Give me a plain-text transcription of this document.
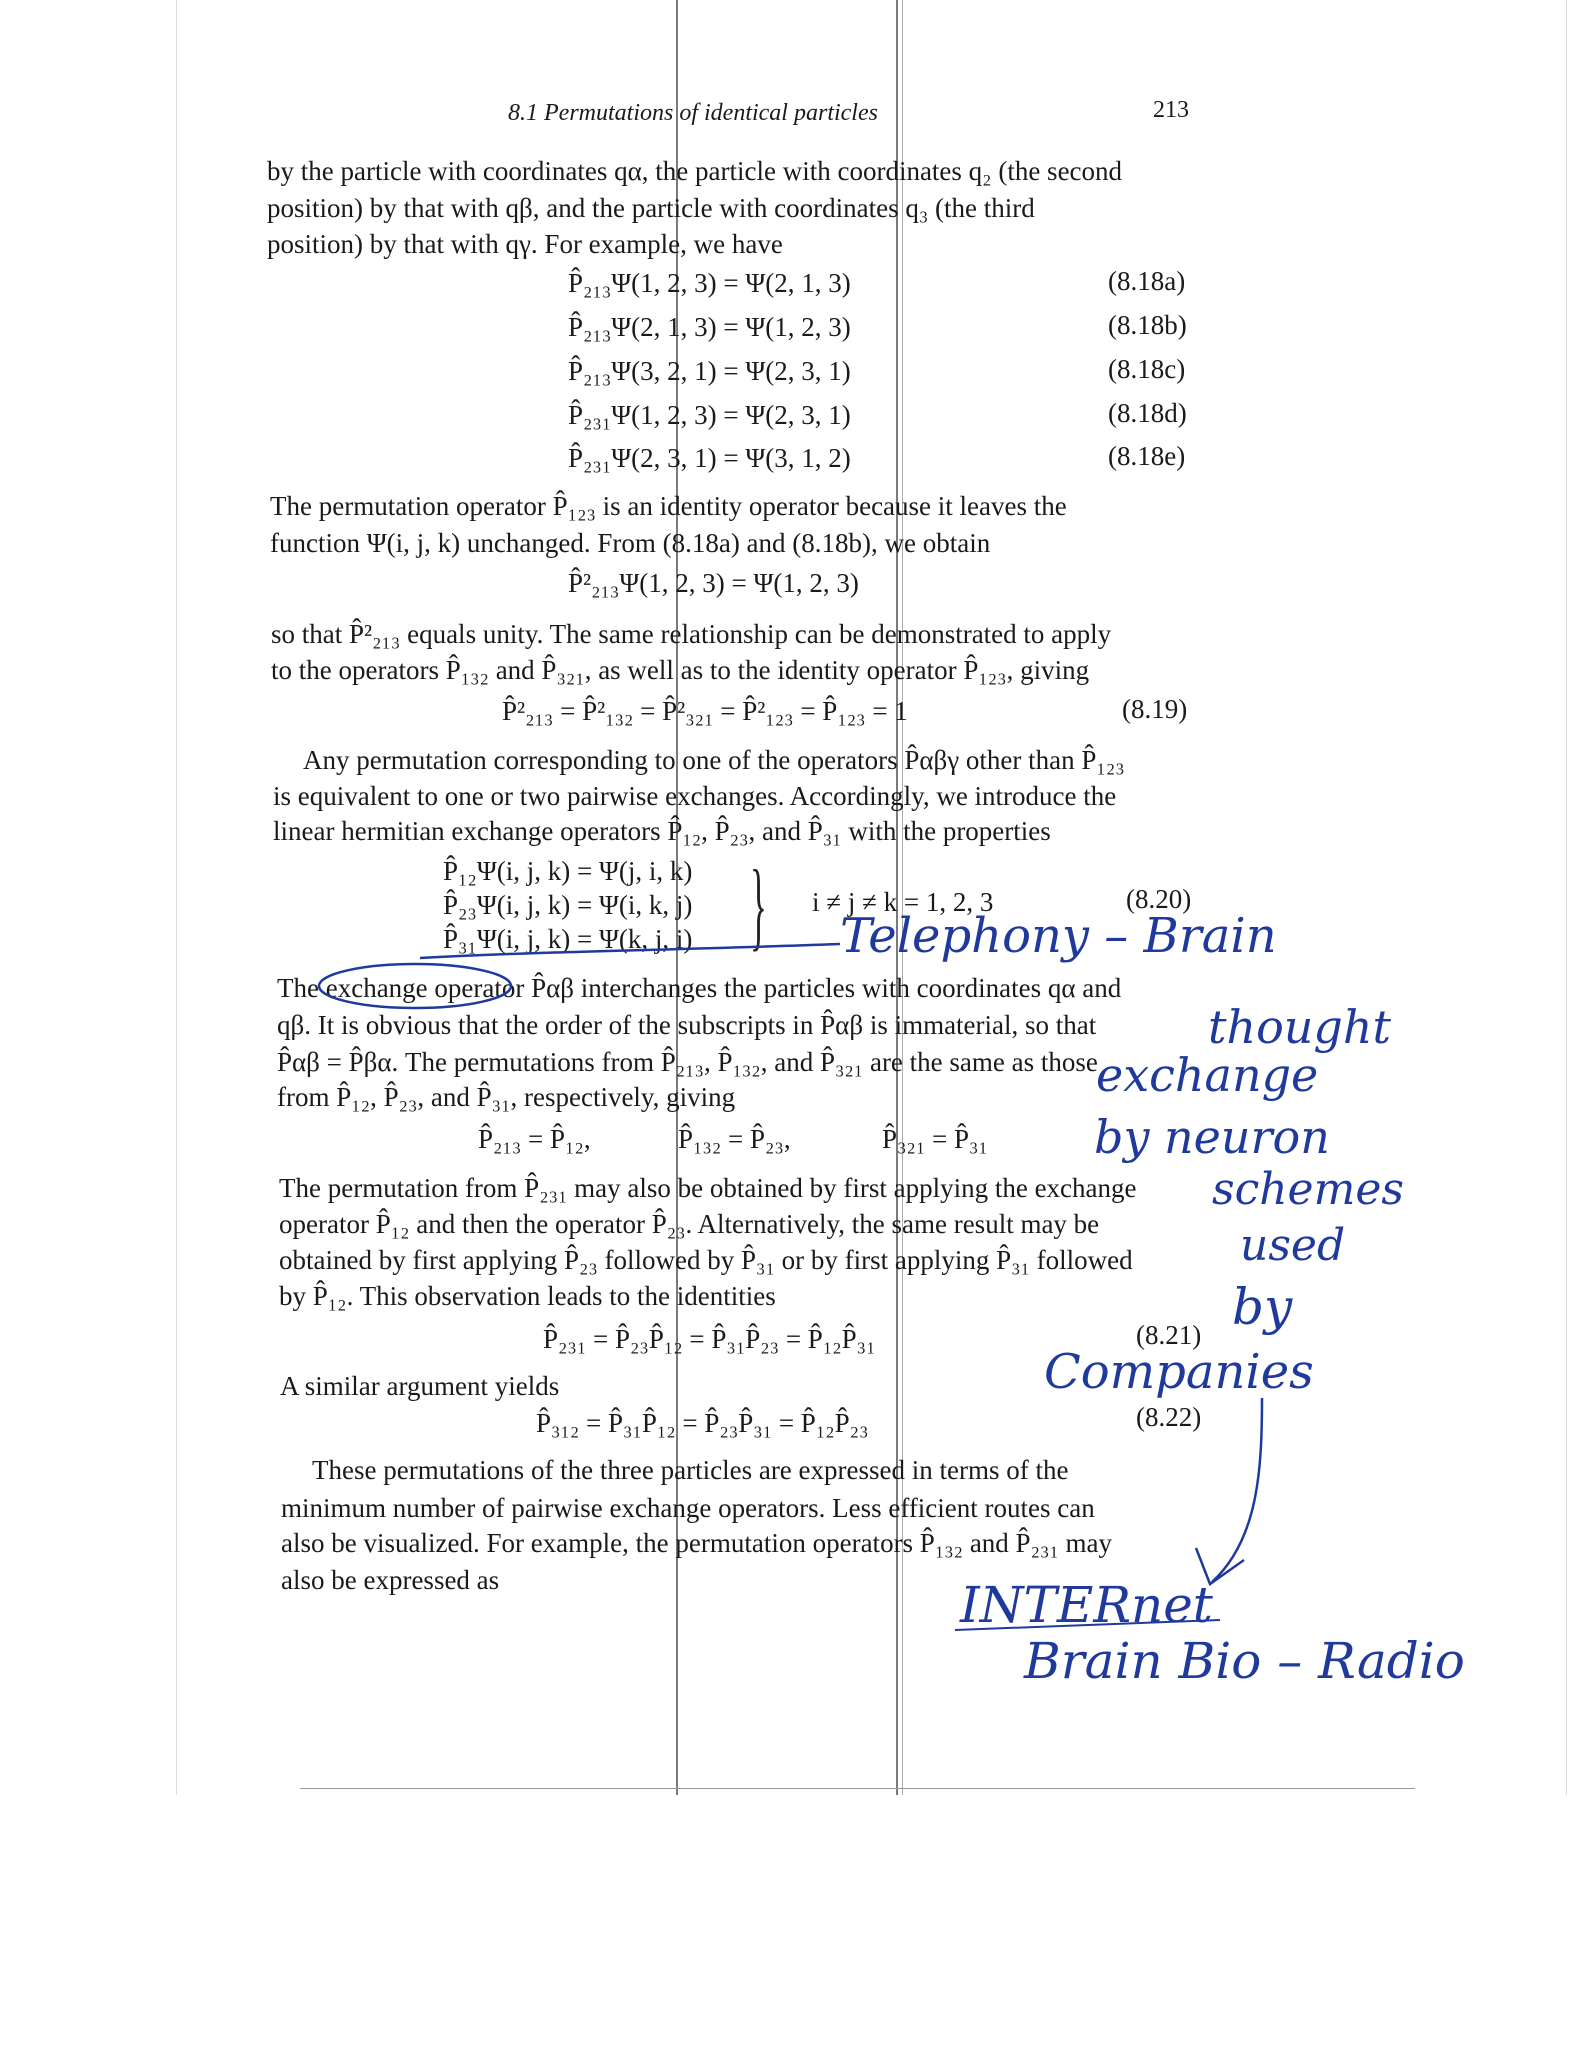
8.1 Permutations of identical particles	213
by the particle with coordinates qα, the particle with coordinates q₂ (the second
position) by that with qβ, and the particle with coordinates q₃ (the third
position) by that with qγ. For example, we have
P̂₂₁₃Ψ(1, 2, 3) = Ψ(2, 1, 3)	(8.18a)
P̂₂₁₃Ψ(2, 1, 3) = Ψ(1, 2, 3)	(8.18b)
P̂₂₁₃Ψ(3, 2, 1) = Ψ(2, 3, 1)	(8.18c)
P̂₂₃₁Ψ(1, 2, 3) = Ψ(2, 3, 1)	(8.18d)
P̂₂₃₁Ψ(2, 3, 1) = Ψ(3, 1, 2)	(8.18e)
The permutation operator P̂₁₂₃ is an identity operator because it leaves the
function Ψ(i, j, k) unchanged. From (8.18a) and (8.18b), we obtain
P̂²₂₁₃Ψ(1, 2, 3) = Ψ(1, 2, 3)
so that P̂²₂₁₃ equals unity. The same relationship can be demonstrated to apply
to the operators P̂₁₃₂ and P̂₃₂₁, as well as to the identity operator P̂₁₂₃, giving
P̂²₂₁₃ = P̂²₁₃₂ = P̂²₃₂₁ = P̂²₁₂₃ = P̂₁₂₃ = 1	(8.19)
Any permutation corresponding to one of the operators P̂αβγ other than P̂₁₂₃
is equivalent to one or two pairwise exchanges. Accordingly, we introduce the
linear hermitian exchange operators P̂₁₂, P̂₂₃, and P̂₃₁ with the properties
P̂₁₂Ψ(i, j, k) = Ψ(j, i, k)
P̂₂₃Ψ(i, j, k) = Ψ(i, k, j)
P̂₃₁Ψ(i, j, k) = Ψ(k, j, i) } i ≠ j ≠ k = 1, 2, 3	(8.20)
The exchange operator P̂αβ interchanges the particles with coordinates qα and
qβ. It is obvious that the order of the subscripts in P̂αβ is immaterial, so that
P̂αβ = P̂βα. The permutations from P̂₂₁₃, P̂₁₃₂, and P̂₃₂₁ are the same as those
from P̂₁₂, P̂₂₃, and P̂₃₁, respectively, giving
P̂₂₁₃ = P̂₁₂,	P̂₁₃₂ = P̂₂₃,	P̂₃₂₁ = P̂₃₁
The permutation from P̂₂₃₁ may also be obtained by first applying the exchange
operator P̂₁₂ and then the operator P̂₂₃. Alternatively, the same result may be
obtained by first applying P̂₂₃ followed by P̂₃₁ or by first applying P̂₃₁ followed
by P̂₁₂. This observation leads to the identities
P̂₂₃₁ = P̂₂₃P̂₁₂ = P̂₃₁P̂₂₃ = P̂₁₂P̂₃₁	(8.21)
A similar argument yields
P̂₃₁₂ = P̂₃₁P̂₁₂ = P̂₂₃P̂₃₁ = P̂₁₂P̂₂₃	(8.22)
These permutations of the three particles are expressed in terms of the
minimum number of pairwise exchange operators. Less efficient routes can
also be visualized. For example, the permutation operators P̂₁₃₂ and P̂₂₃₁ may
also be expressed as
Telephony – Brain
thought
exchange
by neuron
schemes
used
by
Companies
INTERnet
Brain Bio – Radio
